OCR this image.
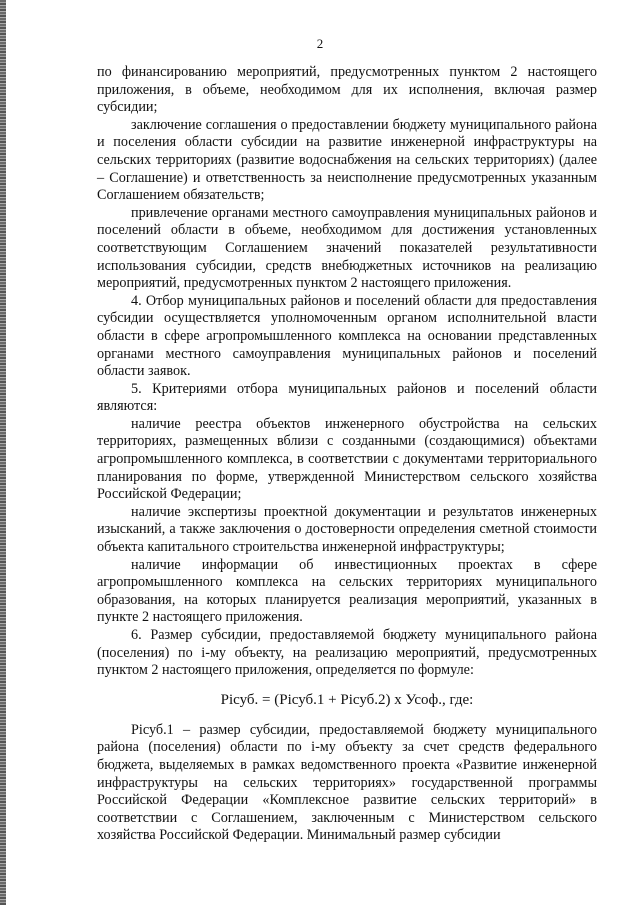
2

по финансированию мероприятий, предусмотренных пунктом 2 настоящего приложения, в объеме, необходимом для их исполнения, включая размер субсидии;

заключение соглашения о предоставлении бюджету муниципального района и поселения области субсидии на развитие инженерной инфраструктуры на сельских территориях (развитие водоснабжения на сельских территориях) (далее – Соглашение) и ответственность за неисполнение предусмотренных указанным Соглашением обязательств;

привлечение органами местного самоуправления муниципальных районов и поселений области в объеме, необходимом для достижения установленных соответствующим Соглашением значений показателей результативности использования субсидии, средств внебюджетных источников на реализацию мероприятий, предусмотренных пунктом 2 настоящего приложения.

4. Отбор муниципальных районов и поселений области для предоставления субсидии осуществляется уполномоченным органом исполнительной власти области в сфере агропромышленного комплекса на основании представленных органами местного самоуправления муниципальных районов и поселений области заявок.

5. Критериями отбора муниципальных районов и поселений области являются:

наличие реестра объектов инженерного обустройства на сельских территориях, размещенных вблизи с созданными (создающимися) объектами агропромышленного комплекса, в соответствии с документами территориального планирования по форме, утвержденной Министерством сельского хозяйства Российской Федерации;

наличие экспертизы проектной документации и результатов инженерных изысканий, а также заключения о достоверности определения сметной стоимости объекта капитального строительства инженерной инфраструктуры;

наличие информации об инвестиционных проектах в сфере агропромышленного комплекса на сельских территориях муниципального образования, на которых планируется реализация мероприятий, указанных в пункте 2 настоящего приложения.

6. Размер субсидии, предоставляемой бюджету муниципального района (поселения) по i-му объекту, на реализацию мероприятий, предусмотренных пунктом 2 настоящего приложения, определяется по формуле:

Рiсуб. = (Рiсуб.1 + Рiсуб.2) х Усоф., где:

Рiсуб.1 – размер субсидии, предоставляемой бюджету муниципального района (поселения) области по i-му объекту за счет средств федерального бюджета, выделяемых в рамках ведомственного проекта «Развитие инженерной инфраструктуры на сельских территориях» государственной программы Российской Федерации «Комплексное развитие сельских территорий» в соответствии с Соглашением, заключенным с Министерством сельского хозяйства Российской Федерации. Минимальный размер субсидии
